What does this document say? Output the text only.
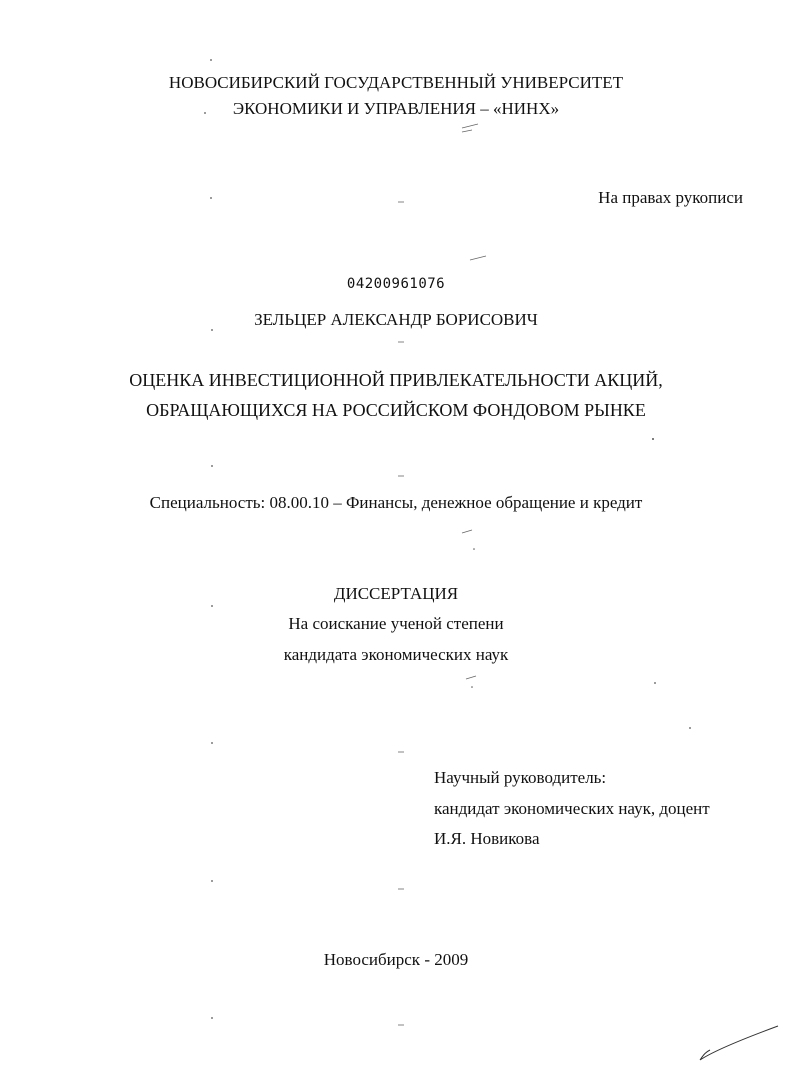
НОВОСИБИРСКИЙ ГОСУДАРСТВЕННЫЙ УНИВЕРСИТЕТ
ЭКОНОМИКИ И УПРАВЛЕНИЯ – «НИНХ»
На правах рукописи
04200961076
ЗЕЛЬЦЕР АЛЕКСАНДР БОРИСОВИЧ
ОЦЕНКА ИНВЕСТИЦИОННОЙ ПРИВЛЕКАТЕЛЬНОСТИ АКЦИЙ,
ОБРАЩАЮЩИХСЯ НА РОССИЙСКОМ ФОНДОВОМ РЫНКЕ
Специальность: 08.00.10 – Финансы, денежное обращение и кредит
ДИССЕРТАЦИЯ
На соискание ученой степени
кандидата экономических наук
Научный руководитель:
кандидат экономических наук, доцент
И.Я. Новикова
Новосибирск - 2009
